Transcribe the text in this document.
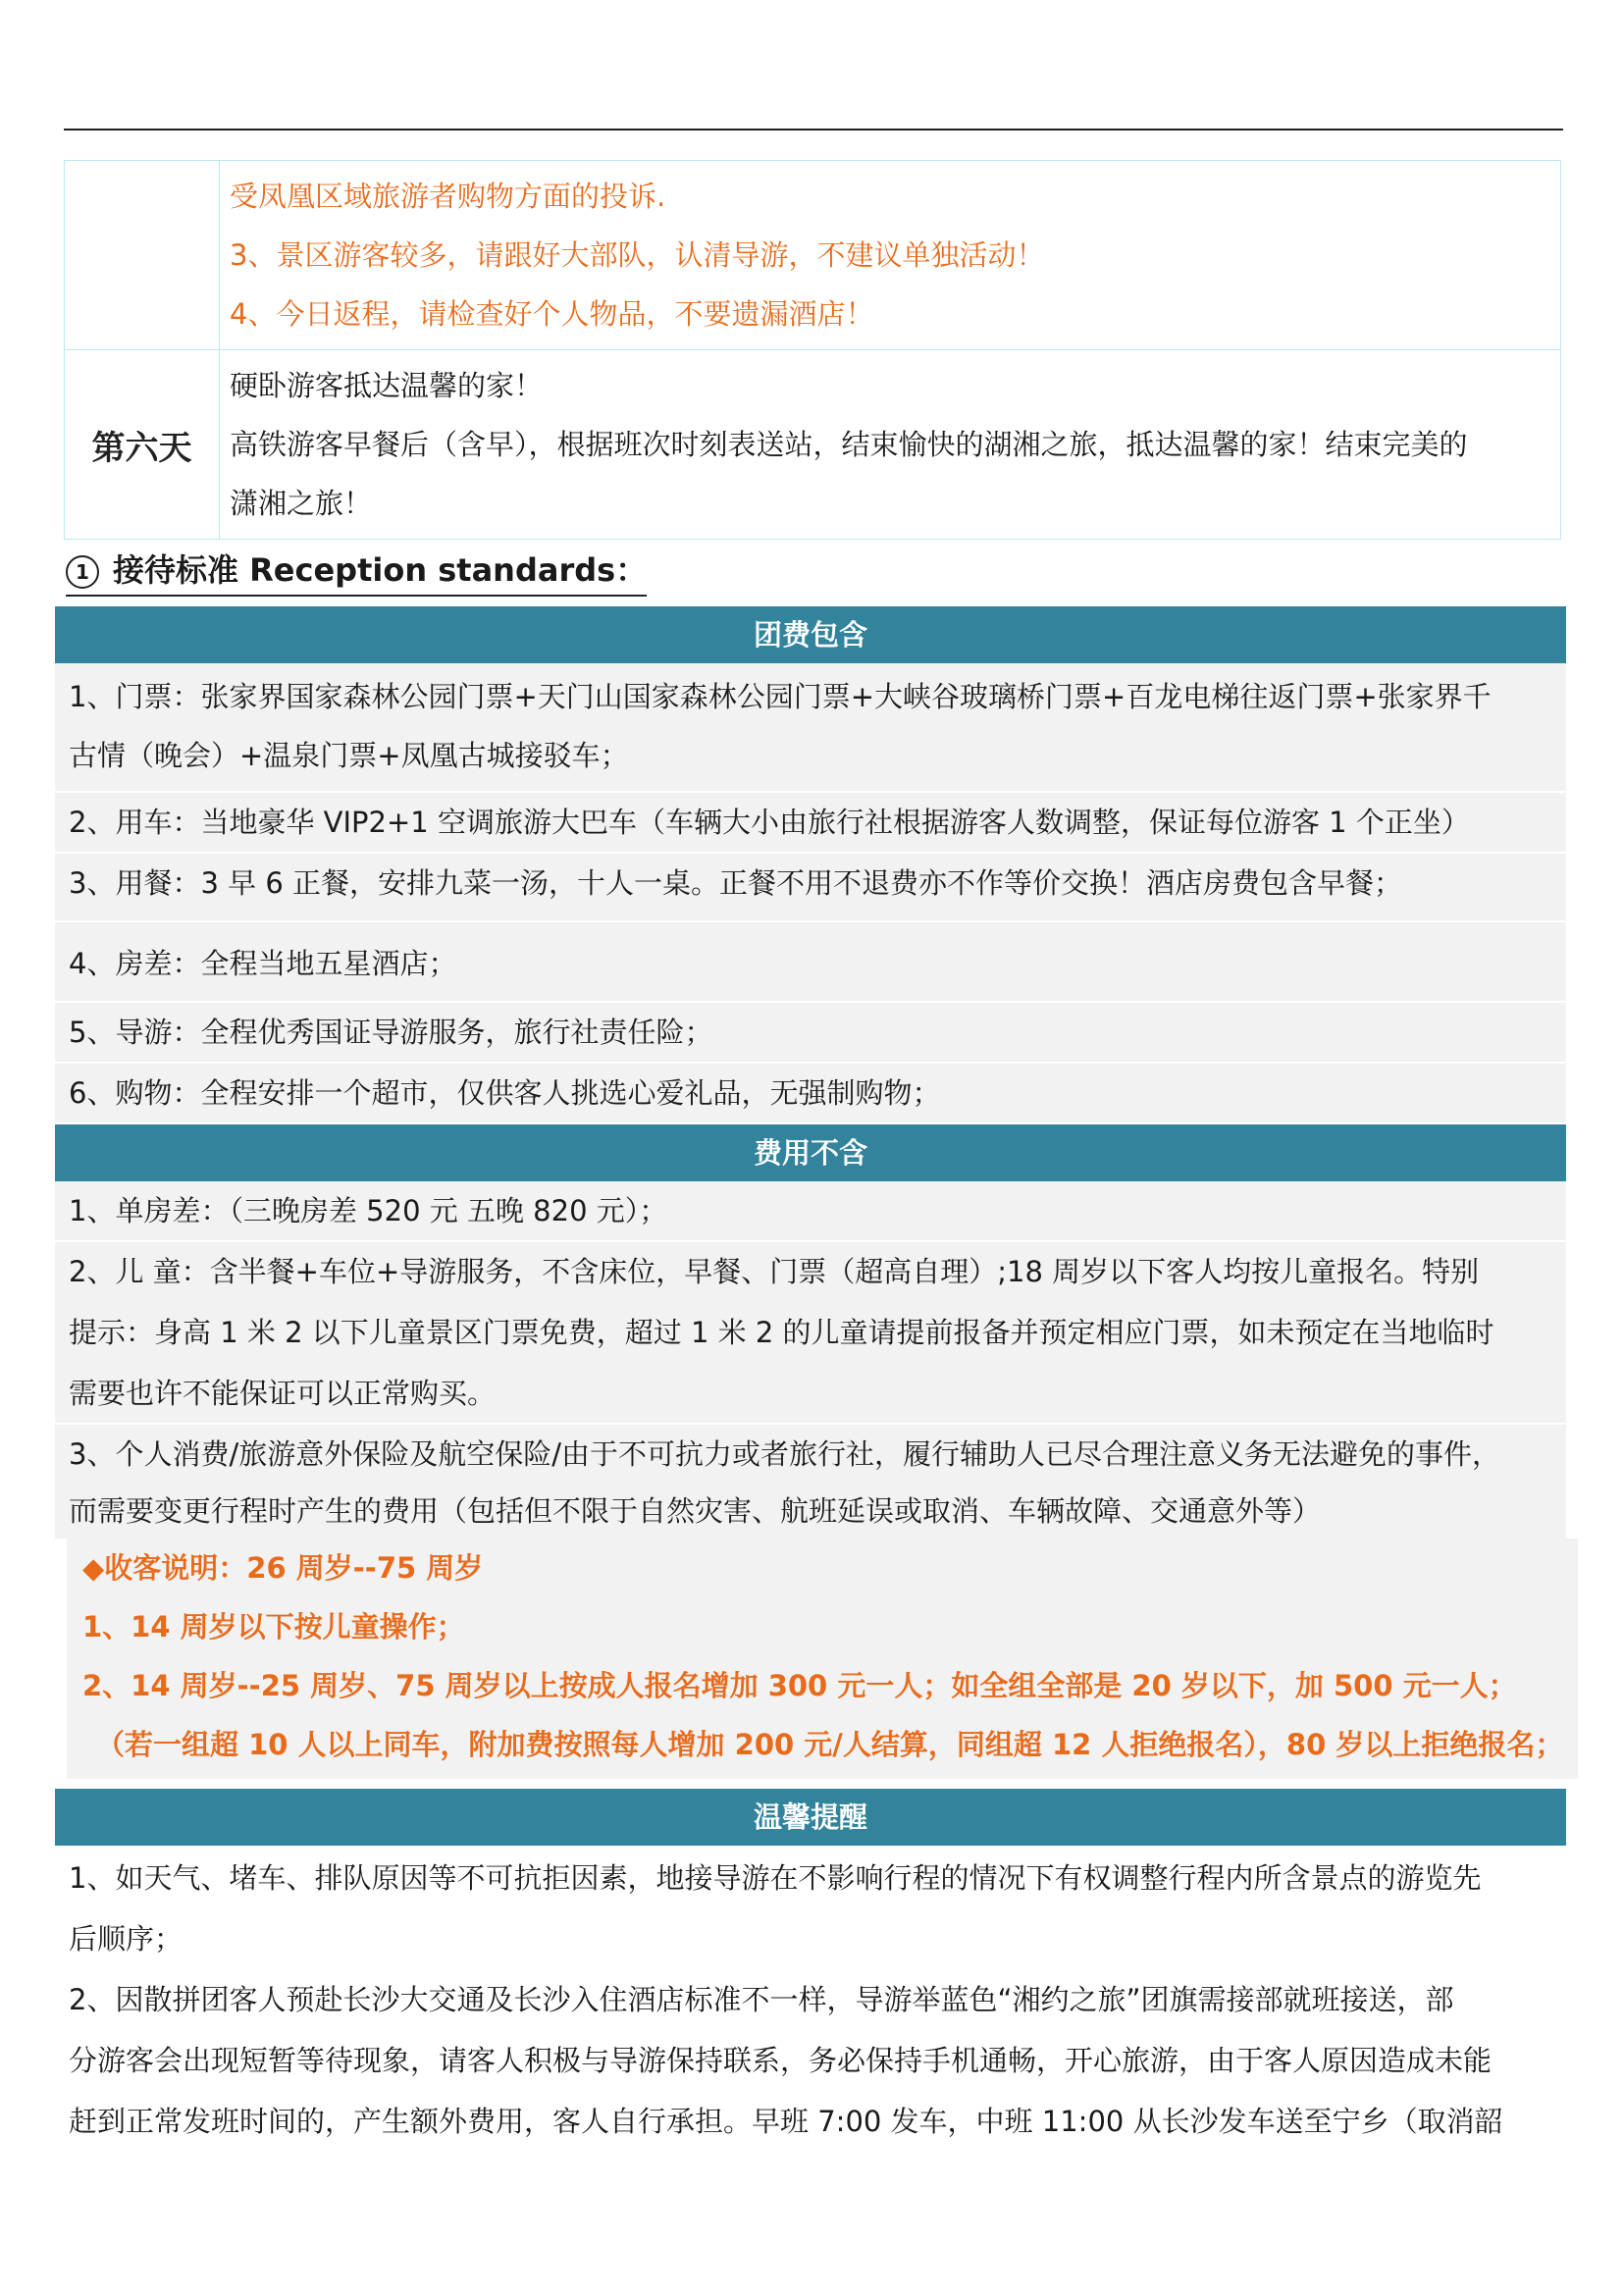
	受凤凰区域旅游者购物方面的投诉.
3、景区游客较多，请跟好大部队，认清导游，不建议单独活动！
4、今日返程，请检查好个人物品，不要遗漏酒店！

第六天	硬卧游客抵达温馨的家！
高铁游客早餐后（含早），根据班次时刻表送站，结束愉快的湖湘之旅，抵达温馨的家！结束完美的
潇湘之旅！
1 接待标准 Reception standards：
团费包含
1、门票：张家界国家森林公园门票+天门山国家森林公园门票+大峡谷玻璃桥门票+百龙电梯往返门票+张家界千
古情（晚会）+温泉门票+凤凰古城接驳车；
2、用车：当地豪华 VIP2+1 空调旅游大巴车（车辆大小由旅行社根据游客人数调整，保证每位游客 1 个正坐）
3、用餐：3 早 6 正餐，安排九菜一汤，十人一桌。正餐不用不退费亦不作等价交换！酒店房费包含早餐；
4、房差：全程当地五星酒店；
5、导游：全程优秀国证导游服务，旅行社责任险；
6、购物：全程安排一个超市，仅供客人挑选心爱礼品，无强制购物；
费用不含
1、单房差：（三晚房差 520 元 五晚 820 元）；
2、儿 童：含半餐+车位+导游服务，不含床位，早餐、门票（超高自理）;18 周岁以下客人均按儿童报名。特别
提示：身高 1 米 2 以下儿童景区门票免费，超过 1 米 2 的儿童请提前报备并预定相应门票，如未预定在当地临时
需要也许不能保证可以正常购买。
3、个人消费/旅游意外保险及航空保险/由于不可抗力或者旅行社，履行辅助人已尽合理注意义务无法避免的事件，
而需要变更行程时产生的费用（包括但不限于自然灾害、航班延误或取消、车辆故障、交通意外等）
◆收客说明：26 周岁--75 周岁
1、14 周岁以下按儿童操作；
2、14 周岁--25 周岁、75 周岁以上按成人报名增加 300 元一人；如全组全部是 20 岁以下，加 500 元一人；
（若一组超 10 人以上同车，附加费按照每人增加 200 元/人结算，同组超 12 人拒绝报名），80 岁以上拒绝报名；
温馨提醒
1、如天气、堵车、排队原因等不可抗拒因素，地接导游在不影响行程的情况下有权调整行程内所含景点的游览先
后顺序；
2、因散拼团客人预赴长沙大交通及长沙入住酒店标准不一样，导游举蓝色“湘约之旅”团旗需接部就班接送，部
分游客会出现短暂等待现象，请客人积极与导游保持联系，务必保持手机通畅，开心旅游，由于客人原因造成未能
赶到正常发班时间的，产生额外费用，客人自行承担。早班 7:00 发车，中班 11:00 从长沙发车送至宁乡（取消韶
